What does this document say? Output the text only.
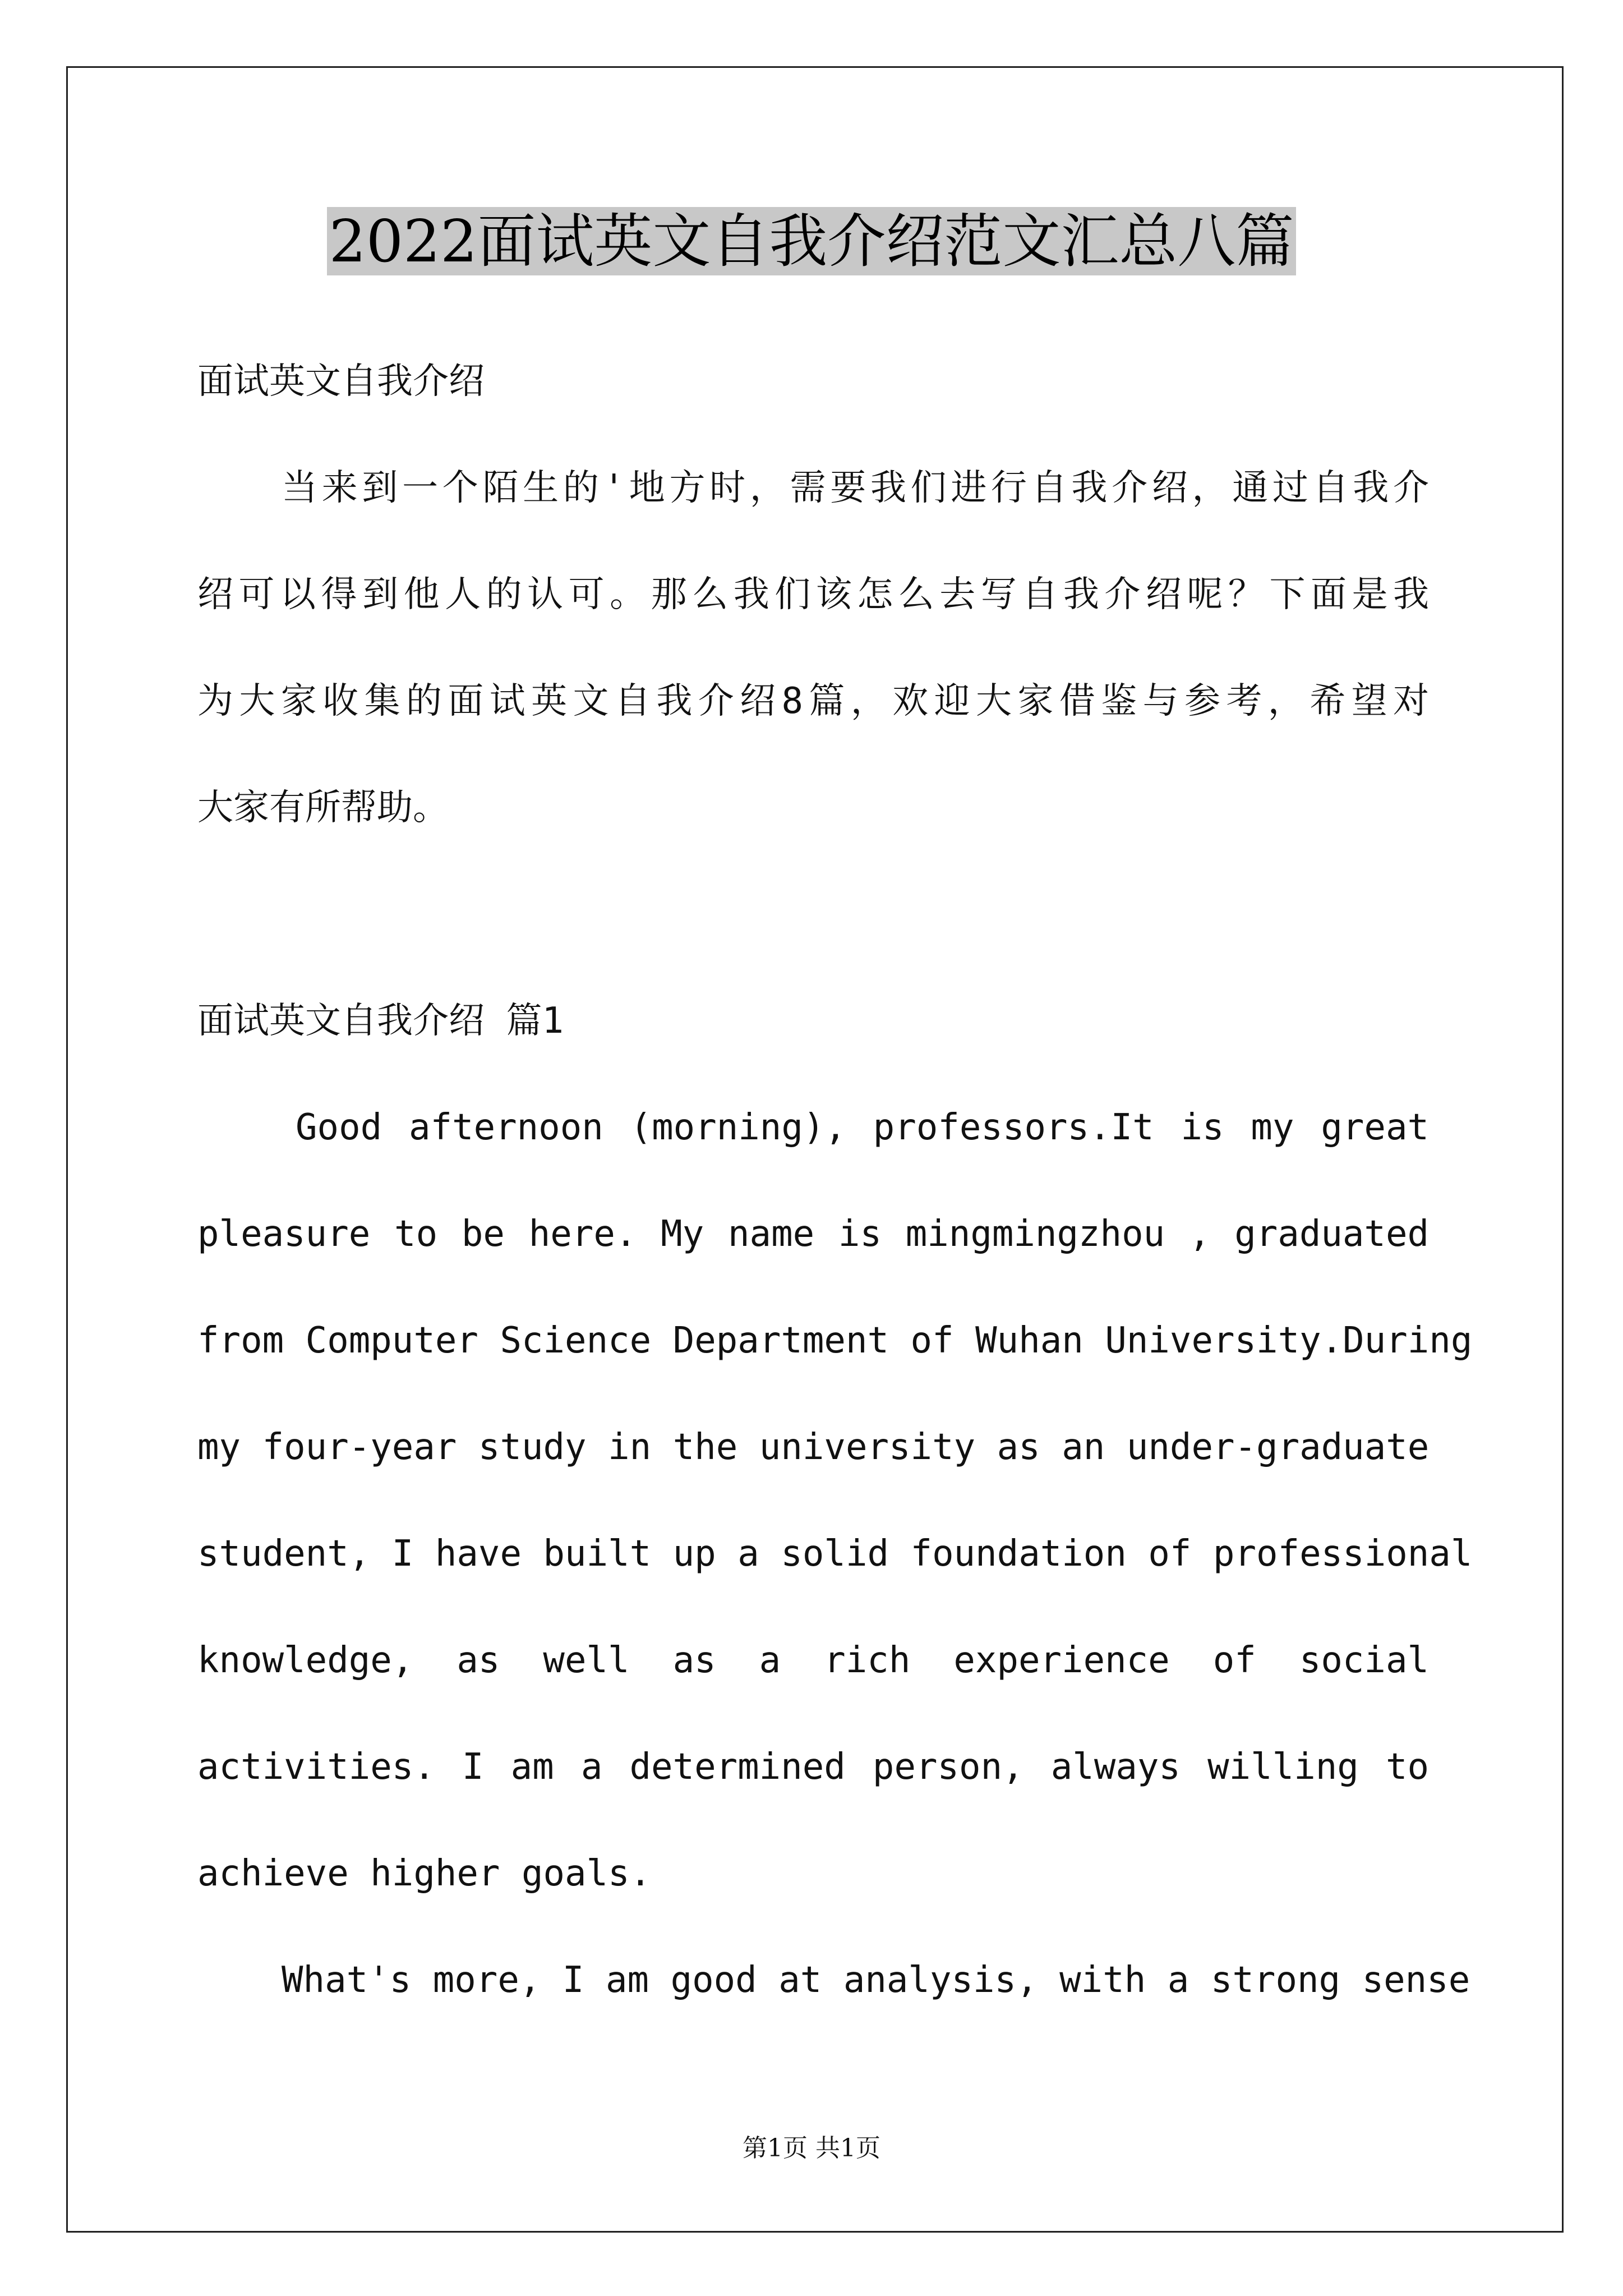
2022面试英文自我介绍范文汇总八篇
面试英文自我介绍
当来到一个陌生的'地方时，需要我们进行自我介绍，通过自我介
绍可以得到他人的认可。那么我们该怎么去写自我介绍呢？下面是我
为大家收集的面试英文自我介绍8篇，欢迎大家借鉴与参考，希望对
大家有所帮助。
面试英文自我介绍 篇1
Good afternoon (morning), professors.It is my great
pleasure to be here. My name is mingmingzhou , graduated
from Computer Science Department of Wuhan University.During
my four-year study in the university as an under-graduate
student, I have built up a solid foundation of professional
knowledge, as well as a rich experience of social
activities. I am a determined person, always willing to
achieve higher goals.
What's more, I am good at analysis, with a strong sense
第1页 共1页
